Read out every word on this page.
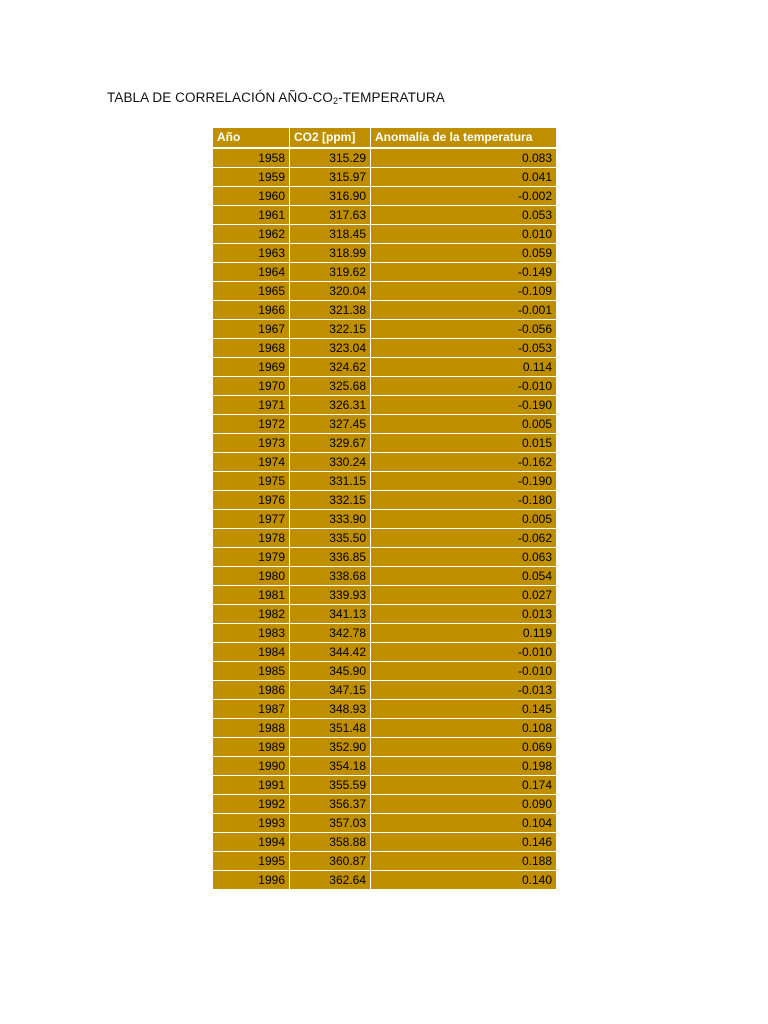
TABLA DE CORRELACIÓN AÑO-$CO_2$-TEMPERATURA
Año	CO2 [ppm]	Anomalía de la temperatura
1958	315.29	0.083
1959	315.97	0.041
1960	316.90	-0.002
1961	317.63	0.053
1962	318.45	0.010
1963	318.99	0.059
1964	319.62	-0.149
1965	320.04	-0.109
1966	321.38	-0.001
1967	322.15	-0.056
1968	323.04	-0.053
1969	324.62	0.114
1970	325.68	-0.010
1971	326.31	-0.190
1972	327.45	0.005
1973	329.67	0.015
1974	330.24	-0.162
1975	331.15	-0.190
1976	332.15	-0.180
1977	333.90	0.005
1978	335.50	-0.062
1979	336.85	0.063
1980	338.68	0.054
1981	339.93	0.027
1982	341.13	0.013
1983	342.78	0.119
1984	344.42	-0.010
1985	345.90	-0.010
1986	347.15	-0.013
1987	348.93	0.145
1988	351.48	0.108
1989	352.90	0.069
1990	354.18	0.198
1991	355.59	0.174
1992	356.37	0.090
1993	357.03	0.104
1994	358.88	0.146
1995	360.87	0.188
1996	362.64	0.140
